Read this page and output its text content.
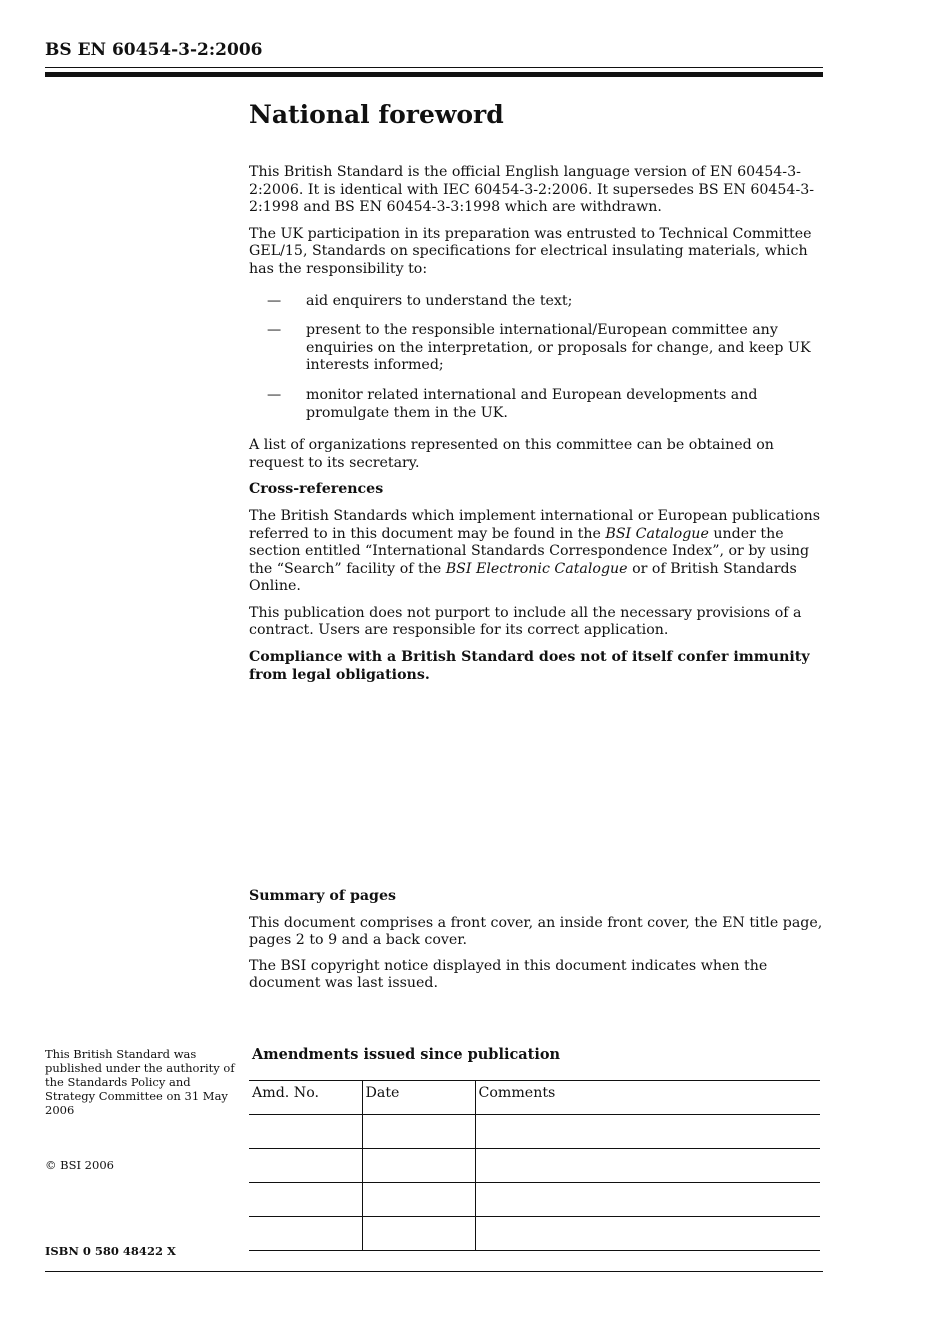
BS EN 60454-3-2:2006
National foreword

This British Standard is the official English language version of EN 60454-3-2:2006. It is identical with IEC 60454-3-2:2006. It supersedes BS EN 60454-3-2:1998 and BS EN 60454-3-3:1998 which are withdrawn.

The UK participation in its preparation was entrusted to Technical Committee GEL/15, Standards on specifications for electrical insulating materials, which has the responsibility to:

—	aid enquirers to understand the text;
—	present to the responsible international/European committee any enquiries on the interpretation, or proposals for change, and keep UK interests informed;
—	monitor related international and European developments and promulgate them in the UK.

A list of organizations represented on this committee can be obtained on request to its secretary.

Cross-references

The British Standards which implement international or European publications referred to in this document may be found in the BSI Catalogue under the section entitled “International Standards Correspondence Index”, or by using the “Search” facility of the BSI Electronic Catalogue or of British Standards Online.

This publication does not purport to include all the necessary provisions of a contract. Users are responsible for its correct application.

Compliance with a British Standard does not of itself confer immunity from legal obligations.

Summary of pages

This document comprises a front cover, an inside front cover, the EN title page, pages 2 to 9 and a back cover.

The BSI copyright notice displayed in this document indicates when the document was last issued.

This British Standard was published under the authority of the Standards Policy and Strategy Committee on 31 May 2006
© BSI 2006
ISBN 0 580 48422 X
Amendments issued since publication
Amd. No.	Date	Comments
